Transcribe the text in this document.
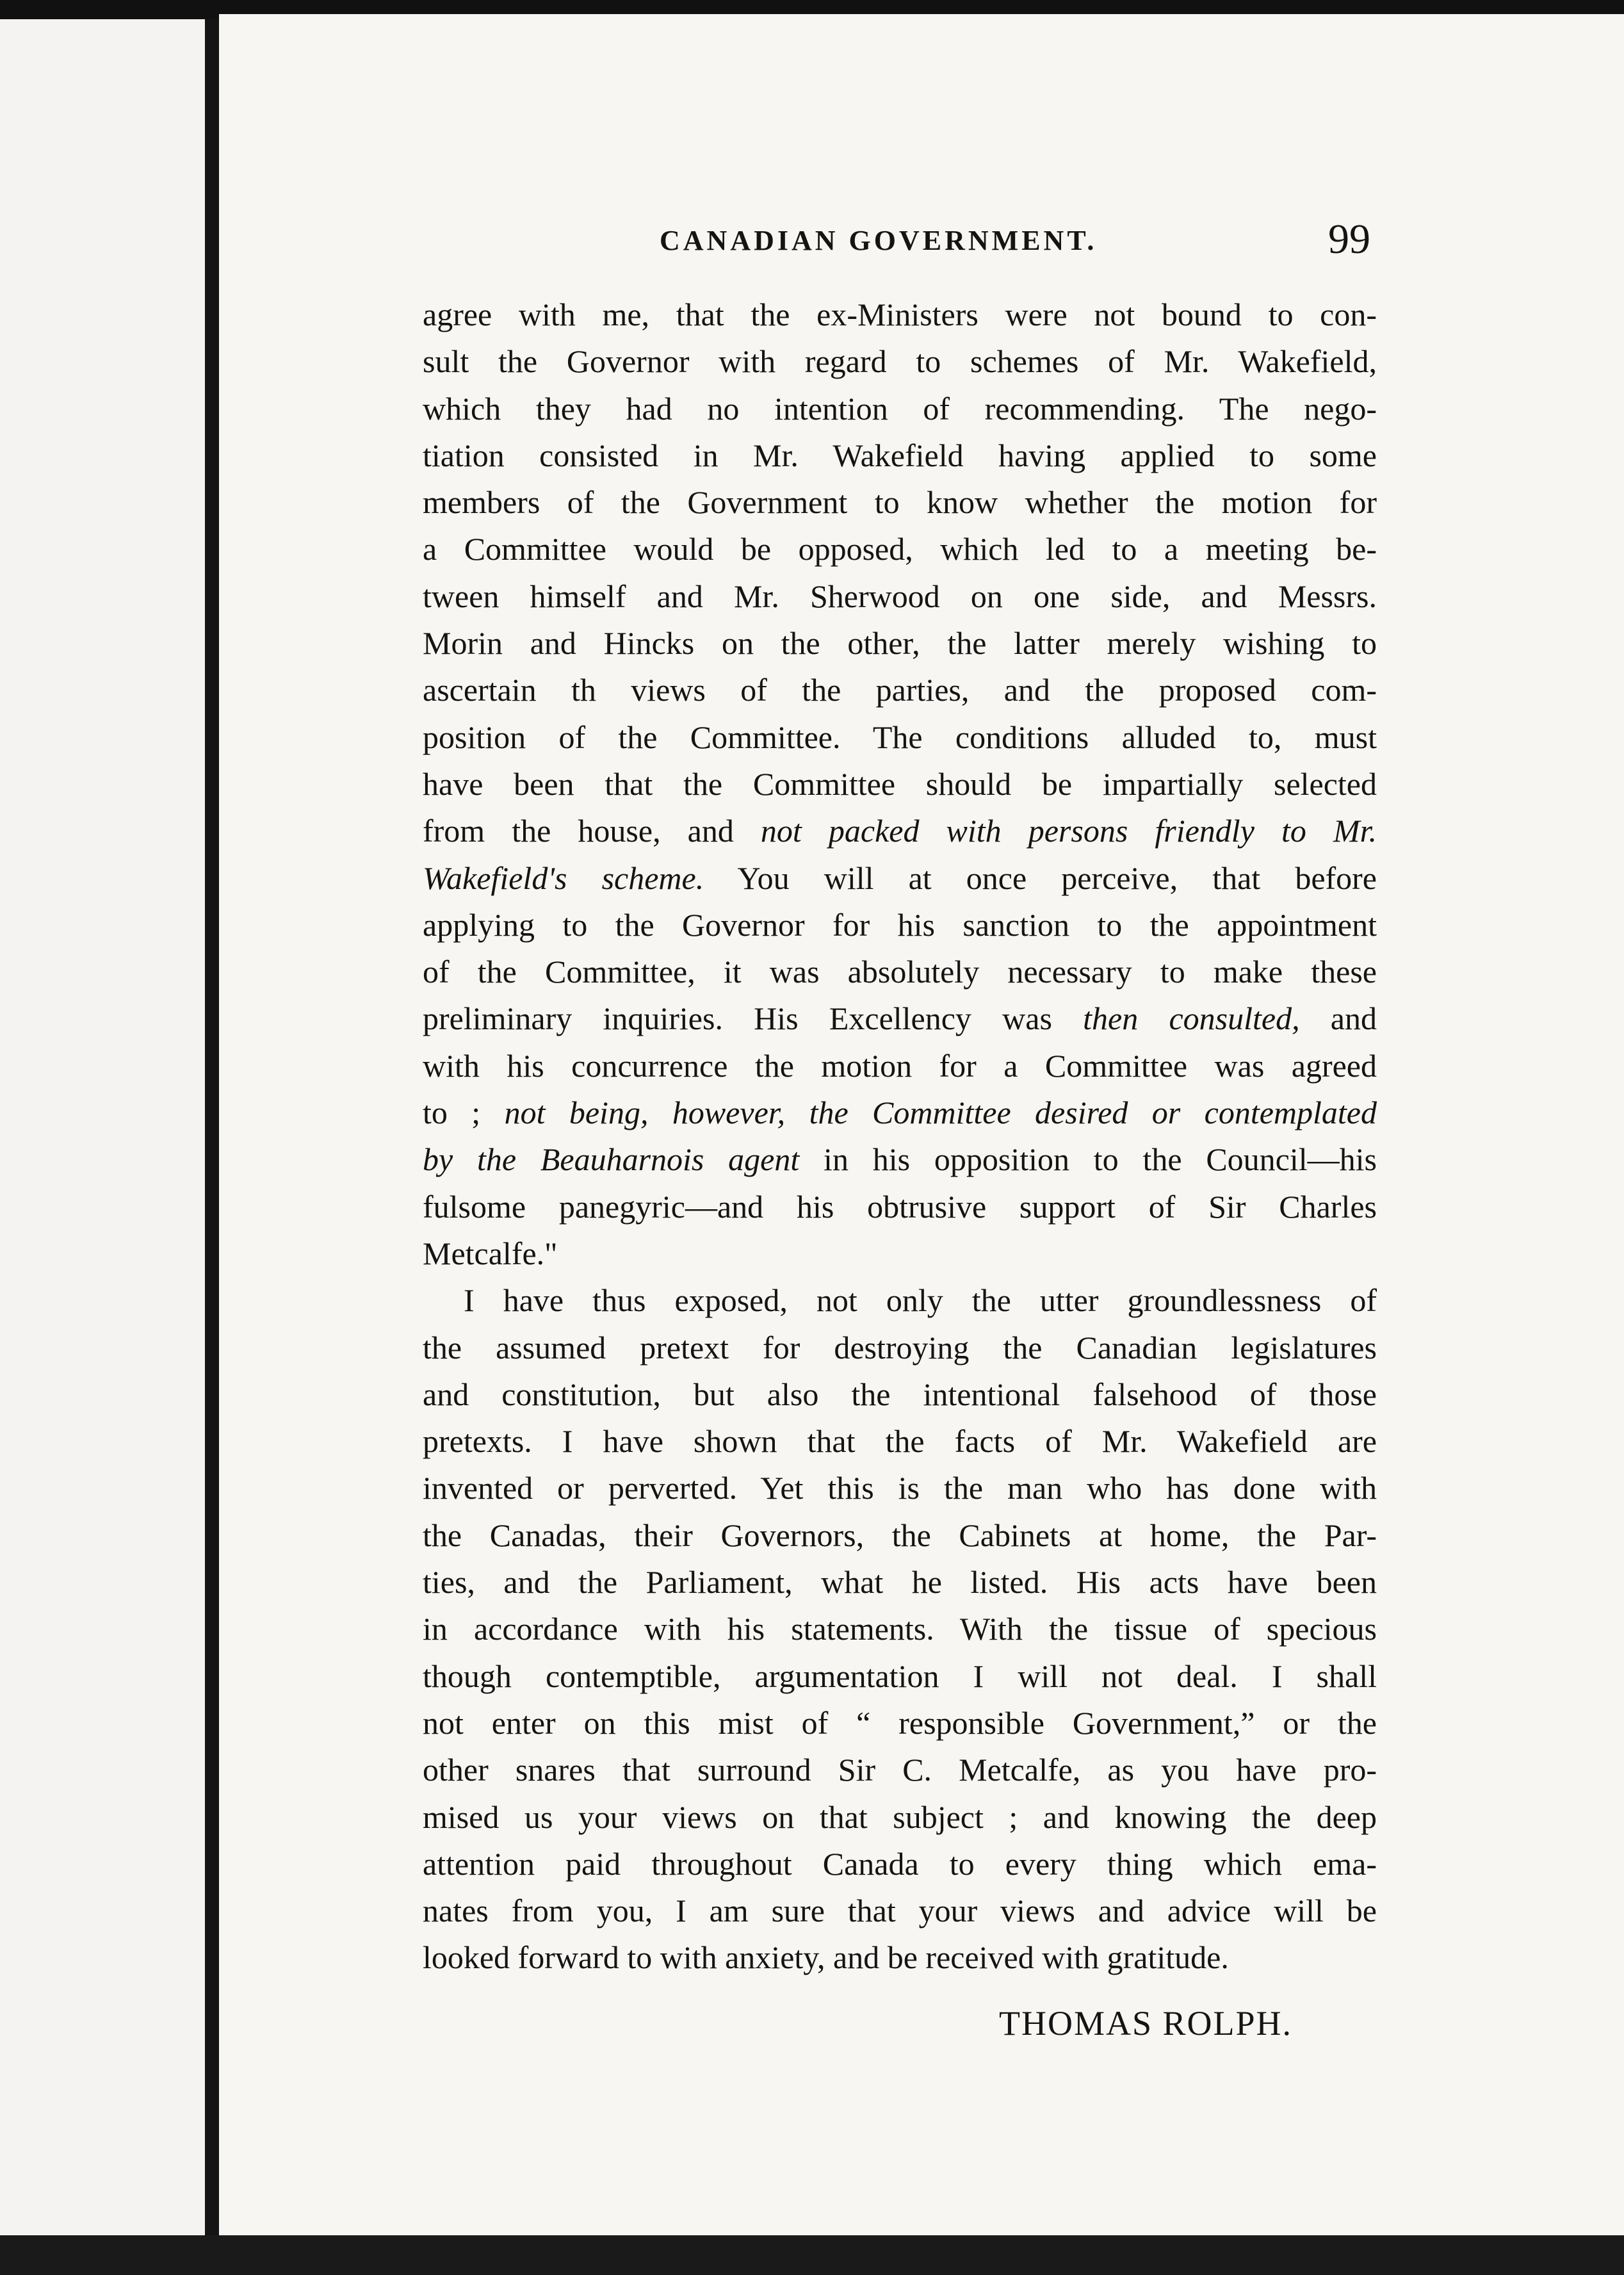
CANADIAN GOVERNMENT.	99
agree with me, that the ex-Ministers were not bound to con-
sult the Governor with regard to schemes of Mr. Wakefield,
which they had no intention of recommending. The nego-
tiation consisted in Mr. Wakefield having applied to some
members of the Government to know whether the motion for
a Committee would be opposed, which led to a meeting be-
tween himself and Mr. Sherwood on one side, and Messrs.
Morin and Hincks on the other, the latter merely wishing to
ascertain th views of the parties, and the proposed com-
position of the Committee. The conditions alluded to, must
have been that the Committee should be impartially selected
from the house, and not packed with persons friendly to Mr.
Wakefield's scheme. You will at once perceive, that before
applying to the Governor for his sanction to the appointment
of the Committee, it was absolutely necessary to make these
preliminary inquiries. His Excellency was then consulted, and
with his concurrence the motion for a Committee was agreed
to ; not being, however, the Committee desired or contemplated
by the Beauharnois agent in his opposition to the Council—his
fulsome panegyric—and his obtrusive support of Sir Charles
Metcalfe."
I have thus exposed, not only the utter groundlessness of
the assumed pretext for destroying the Canadian legislatures
and constitution, but also the intentional falsehood of those
pretexts. I have shown that the facts of Mr. Wakefield are
invented or perverted. Yet this is the man who has done with
the Canadas, their Governors, the Cabinets at home, the Par-
ties, and the Parliament, what he listed. His acts have been
in accordance with his statements. With the tissue of specious
though contemptible, argumentation I will not deal. I shall
not enter on this mist of “ responsible Government,” or the
other snares that surround Sir C. Metcalfe, as you have pro-
mised us your views on that subject ; and knowing the deep
attention paid throughout Canada to every thing which ema-
nates from you, I am sure that your views and advice will be
looked forward to with anxiety, and be received with gratitude.
THOMAS ROLPH.
